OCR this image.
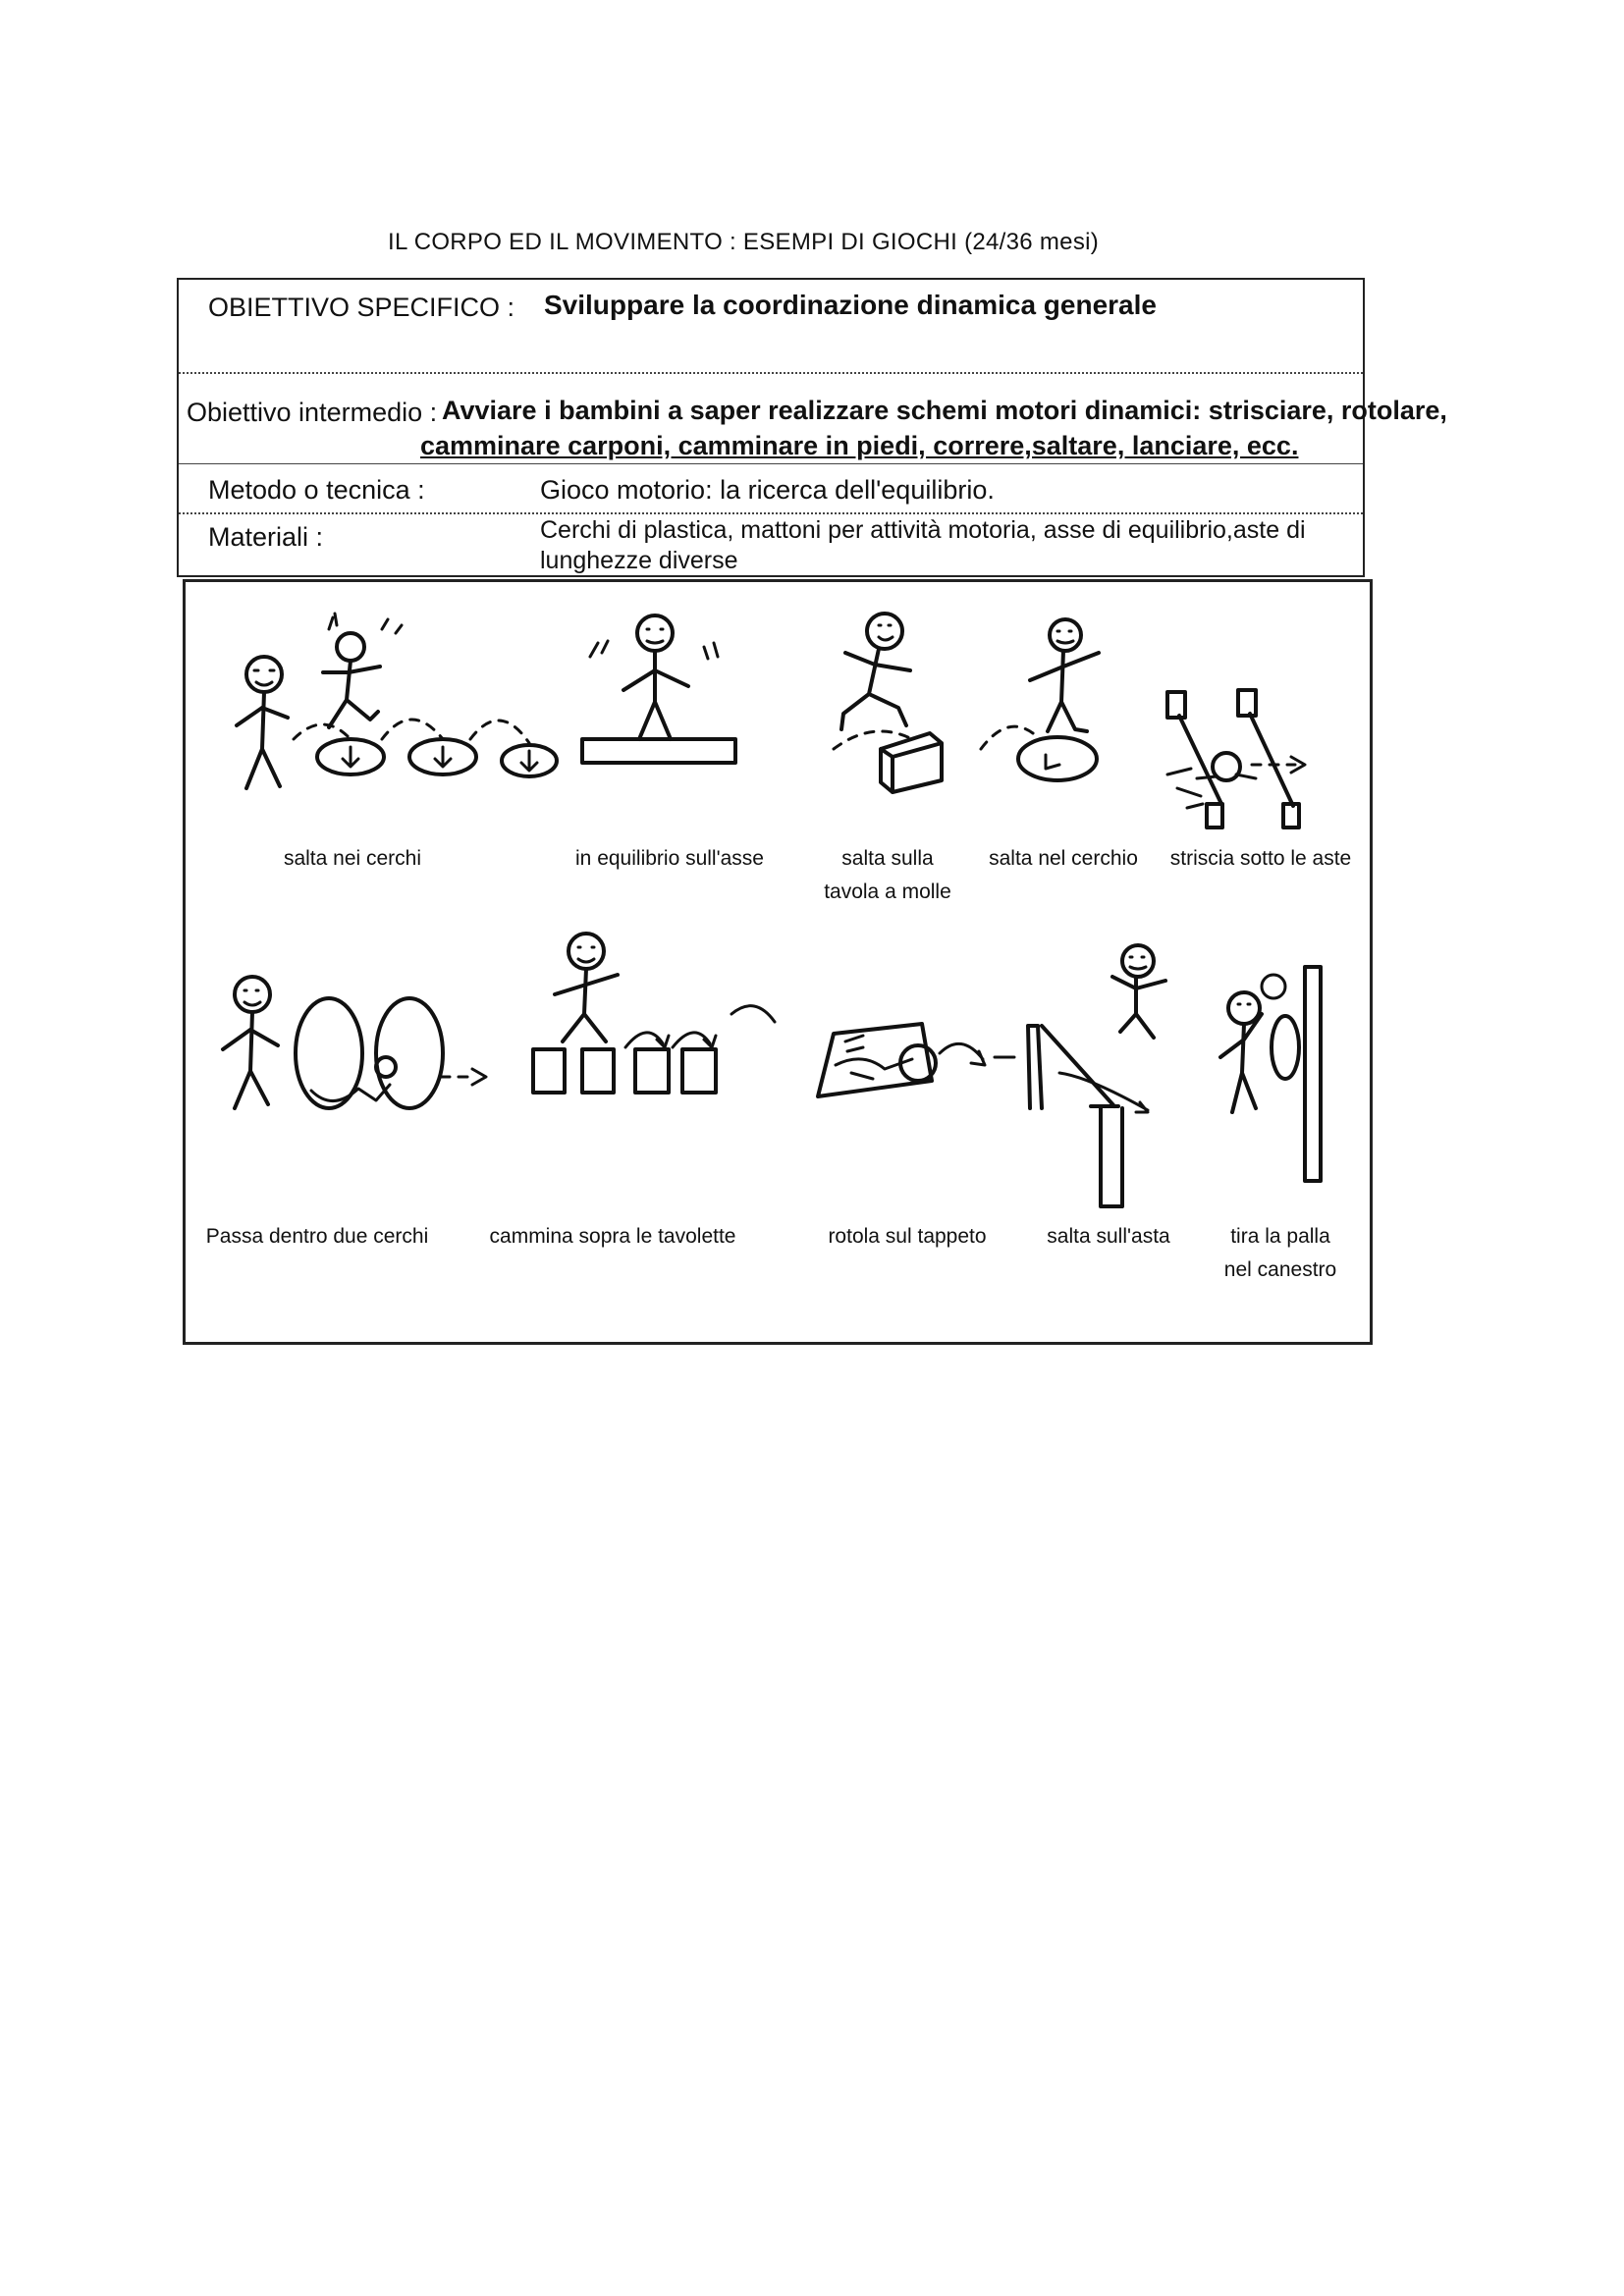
IL CORPO ED IL MOVIMENTO : ESEMPI DI GIOCHI (24/36 mesi)
OBIETTIVO SPECIFICO : Sviluppare la coordinazione dinamica generale
Obiettivo intermedio : Avviare i bambini a saper realizzare schemi motori dinamici: strisciare, rotolare,
camminare carponi, camminare in piedi, correre,saltare, lanciare, ecc.
Metodo o tecnica :	Gioco motorio: la ricerca dell'equilibrio.
Materiali :	Cerchi di plastica, mattoni per attività motoria, asse di equilibrio,aste di
lunghezze diverse
salta nei cerchi	in equilibrio sull'asse	salta sulla
tavola a molle
salta nel cerchio	striscia sotto le aste
Passa dentro due cerchi	cammina sopra le tavolette	rotola sul tappeto	salta sull'asta	tira la palla
nel canestro
